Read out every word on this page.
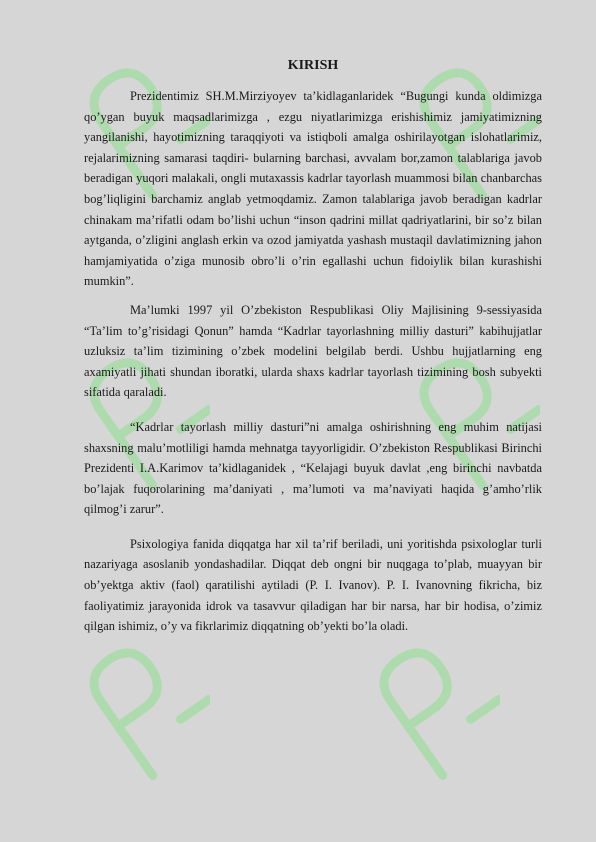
KIRISH

Prezidentimiz SH.M.Mirziyoyev ta’kidlaganlaridek “Bugungi kunda oldimizga qo’ygan buyuk maqsadlarimizga , ezgu niyatlarimizga erishishimiz jamiyatimizning yangilanishi, hayotimizning taraqqiyoti va istiqboli amalga oshirilayotgan islohatlarimiz, rejalarimizning samarasi taqdiri- bularning barchasi, avvalam bor,zamon talablariga javob beradigan yuqori malakali, ongli mutaxassis kadrlar tayorlash muammosi bilan chanbarchas bog’liqligini barchamiz anglab yetmoqdamiz. Zamon talablariga javob beradigan kadrlar chinakam ma’rifatli odam bo’lishi uchun “inson qadrini millat qadriyatlarini, bir so’z bilan aytganda, o’zligini anglash erkin va ozod jamiyatda yashash mustaqil davlatimizning jahon hamjamiyatida o’ziga munosib obro’li o’rin egallashi uchun fidoiylik bilan kurashishi mumkin”.

Ma’lumki 1997 yil O’zbekiston Respublikasi Oliy Majlisining 9-sessiyasida “Ta’lim to’g’risidagi Qonun” hamda “Kadrlar tayorlashning milliy dasturi” kabihujjatlar uzluksiz ta’lim tizimining o’zbek modelini belgilab berdi. Ushbu hujjatlarning eng axamiyatli jihati shundan iboratki, ularda shaxs kadrlar tayorlash tizimining bosh subyekti sifatida qaraladi.

“Kadrlar tayorlash milliy dasturi”ni amalga oshirishning eng muhim natijasi shaxsning malu’motliligi hamda mehnatga tayyorligidir. O’zbekiston Respublikasi Birinchi Prezidenti I.A.Karimov ta’kidlaganidek , “Kelajagi buyuk davlat ,eng birinchi navbatda bo’lajak fuqorolarining ma’daniyati , ma’lumoti va ma’naviyati haqida g’amho’rlik qilmog’i zarur”.

Psixologiya fanida diqqatga har xil ta’rif beriladi, uni yoritishda psixologlar turli nazariyaga asoslanib yondashadilar. Diqqat deb ongni bir nuqgaga to’plab, muayyan bir ob’yektga aktiv (faol) qaratilishi aytiladi (P. I. Ivanov). P. I. Ivanovning fikricha, biz faoliyatimiz jarayonida idrok va tasavvur qiladigan har bir narsa, har bir hodisa, o’zimiz qilgan ishimiz, o’y va fikrlarimiz diqqatning ob’yekti bo’la oladi.
